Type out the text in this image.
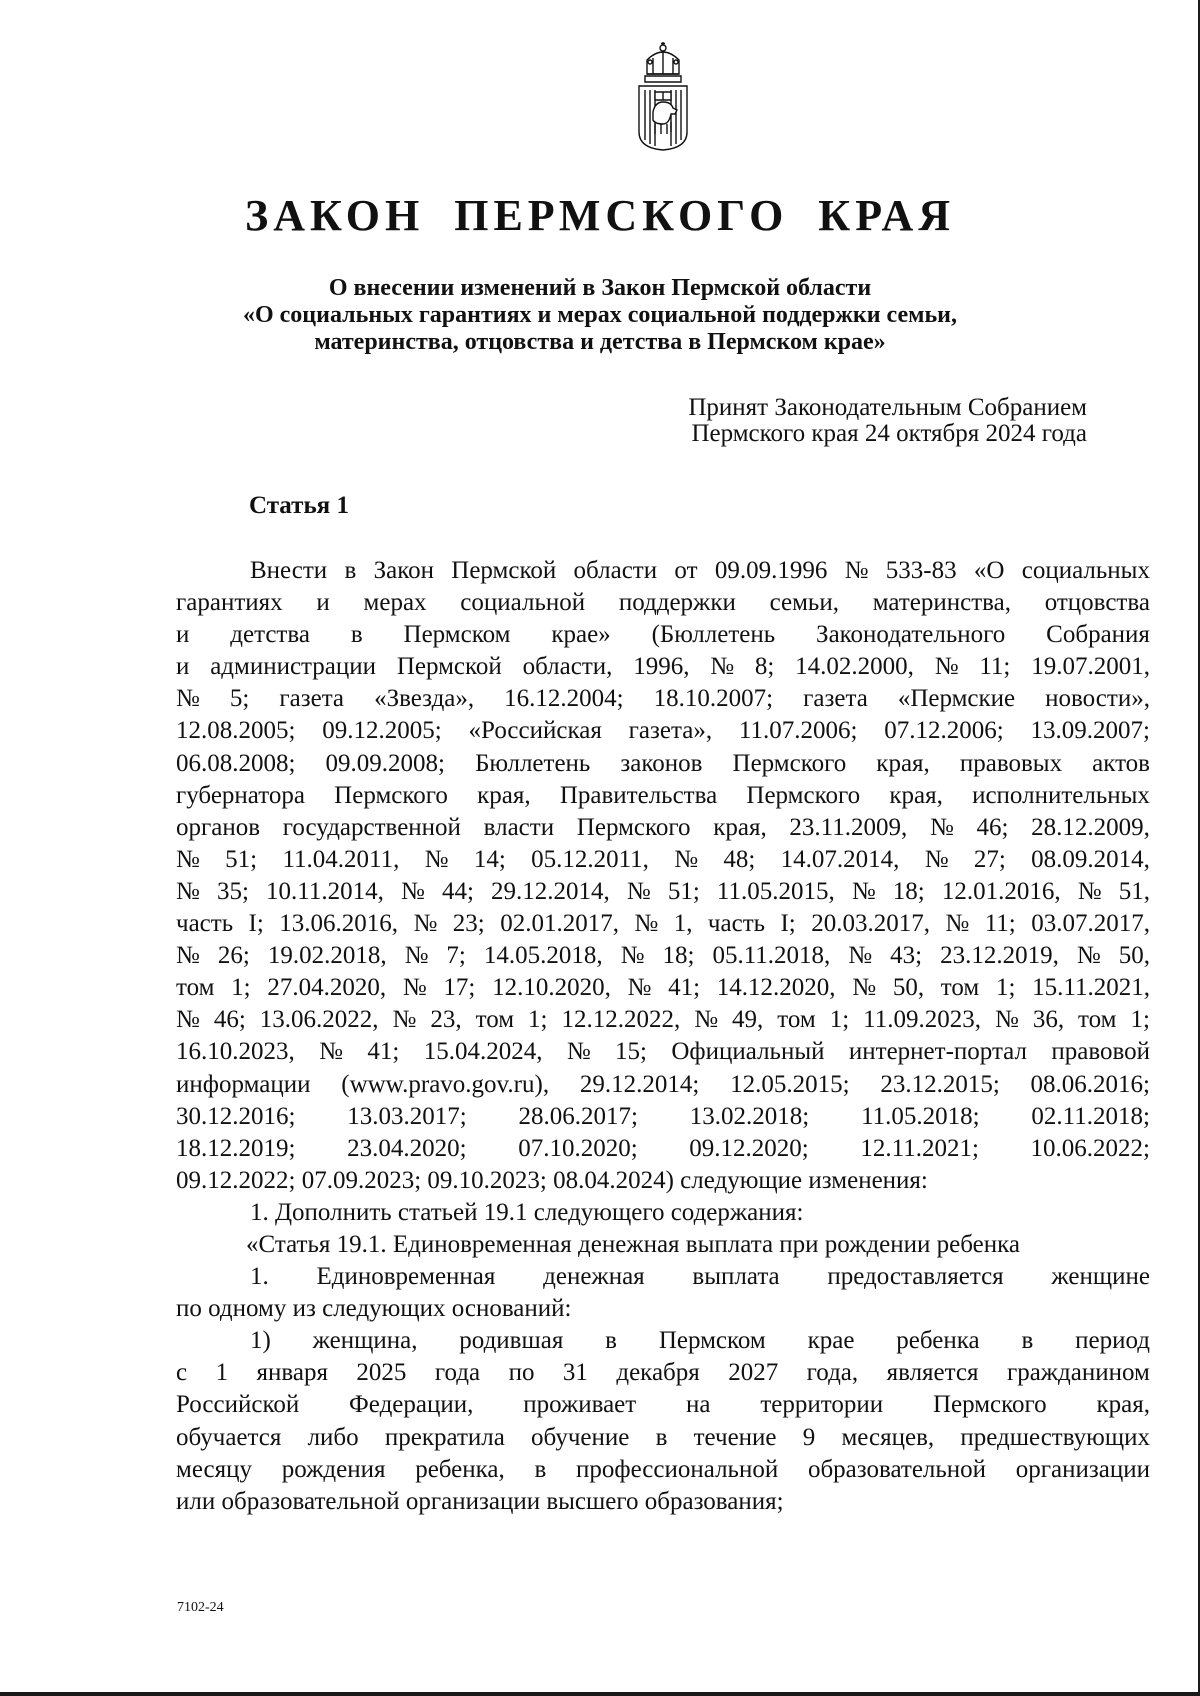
ЗАКОН ПЕРМСКОГО КРАЯ
О внесении изменений в Закон Пермской области
«О социальных гарантиях и мерах социальной поддержки семьи,
материнства, отцовства и детства в Пермском крае»
Принят Законодательным Собранием
Пермского края 24 октября 2024 года
Статья 1
Внести в Закон Пермской области от 09.09.1996 № 533-83 «О социальных
гарантиях и мерах социальной поддержки семьи, материнства, отцовства
и детства в Пермском крае» (Бюллетень Законодательного Собрания
и администрации Пермской области, 1996, № 8; 14.02.2000, № 11; 19.07.2001,
№ 5; газета «Звезда», 16.12.2004; 18.10.2007; газета «Пермские новости»,
12.08.2005; 09.12.2005; «Российская газета», 11.07.2006; 07.12.2006; 13.09.2007;
06.08.2008; 09.09.2008; Бюллетень законов Пермского края, правовых актов
губернатора Пермского края, Правительства Пермского края, исполнительных
органов государственной власти Пермского края, 23.11.2009, № 46; 28.12.2009,
№ 51; 11.04.2011, № 14; 05.12.2011, № 48; 14.07.2014, № 27; 08.09.2014,
№ 35; 10.11.2014, № 44; 29.12.2014, № 51; 11.05.2015, № 18; 12.01.2016, № 51,
часть I; 13.06.2016, № 23; 02.01.2017, № 1, часть I; 20.03.2017, № 11; 03.07.2017,
№ 26; 19.02.2018, № 7; 14.05.2018, № 18; 05.11.2018, № 43; 23.12.2019, № 50,
том 1; 27.04.2020, № 17; 12.10.2020, № 41; 14.12.2020, № 50, том 1; 15.11.2021,
№ 46; 13.06.2022, № 23, том 1; 12.12.2022, № 49, том 1; 11.09.2023, № 36, том 1;
16.10.2023, № 41; 15.04.2024, № 15; Официальный интернет-портал правовой
информации (www.pravo.gov.ru), 29.12.2014; 12.05.2015; 23.12.2015; 08.06.2016;
30.12.2016; 13.03.2017; 28.06.2017; 13.02.2018; 11.05.2018; 02.11.2018;
18.12.2019; 23.04.2020; 07.10.2020; 09.12.2020; 12.11.2021; 10.06.2022;
09.12.2022; 07.09.2023; 09.10.2023; 08.04.2024) следующие изменения:
1. Дополнить статьей 19.1 следующего содержания:
«Статья 19.1. Единовременная денежная выплата при рождении ребенка
1. Единовременная денежная выплата предоставляется женщине
по одному из следующих оснований:
1) женщина, родившая в Пермском крае ребенка в период
с 1 января 2025 года по 31 декабря 2027 года, является гражданином
Российской Федерации, проживает на территории Пермского края,
обучается либо прекратила обучение в течение 9 месяцев, предшествующих
месяцу рождения ребенка, в профессиональной образовательной организации
или образовательной организации высшего образования;
7102-24
